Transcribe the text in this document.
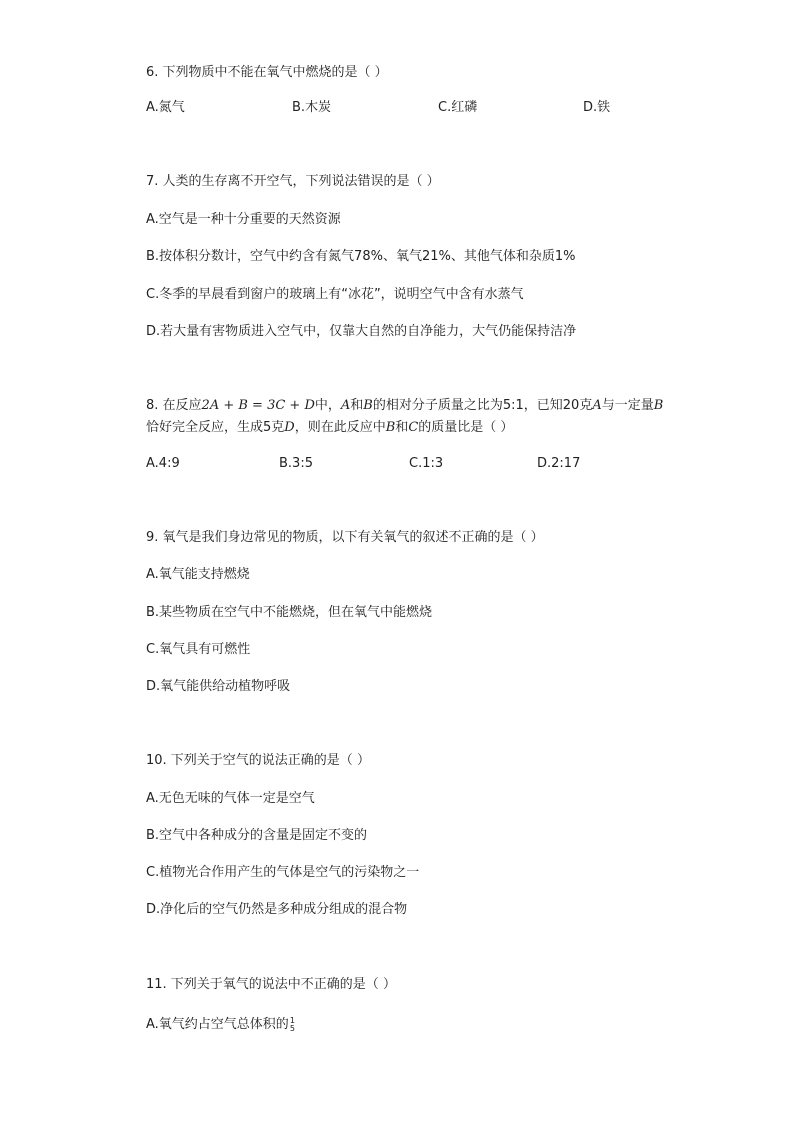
6. 下列物质中不能在氧气中燃烧的是（ ）
A.氮气	B.木炭	C.红磷	D.铁
7. 人类的生存离不开空气，下列说法错误的是（ ）
A.空气是一种十分重要的天然资源
B.按体积分数计，空气中约含有氮气78%、氧气21%、其他气体和杂质1%
C.冬季的早晨看到窗户的玻璃上有“冰花”，说明空气中含有水蒸气
D.若大量有害物质进入空气中，仅靠大自然的自净能力，大气仍能保持洁净
8. 在反应2A + B = 3C + D中，A和B的相对分子质量之比为5:1，已知20克A与一定量B
恰好完全反应，生成5克D，则在此反应中B和C的质量比是（ ）
A.4:9	B.3:5	C.1:3	D.2:17
9. 氧气是我们身边常见的物质，以下有关氧气的叙述不正确的是（ ）
A.氧气能支持燃烧
B.某些物质在空气中不能燃烧，但在氧气中能燃烧
C.氧气具有可燃性
D.氧气能供给动植物呼吸
10. 下列关于空气的说法正确的是（ ）
A.无色无味的气体一定是空气
B.空气中各种成分的含量是固定不变的
C.植物光合作用产生的气体是空气的污染物之一
D.净化后的空气仍然是多种成分组成的混合物
11. 下列关于氧气的说法中不正确的是（ ）
A.氧气约占空气总体积的 1
5
